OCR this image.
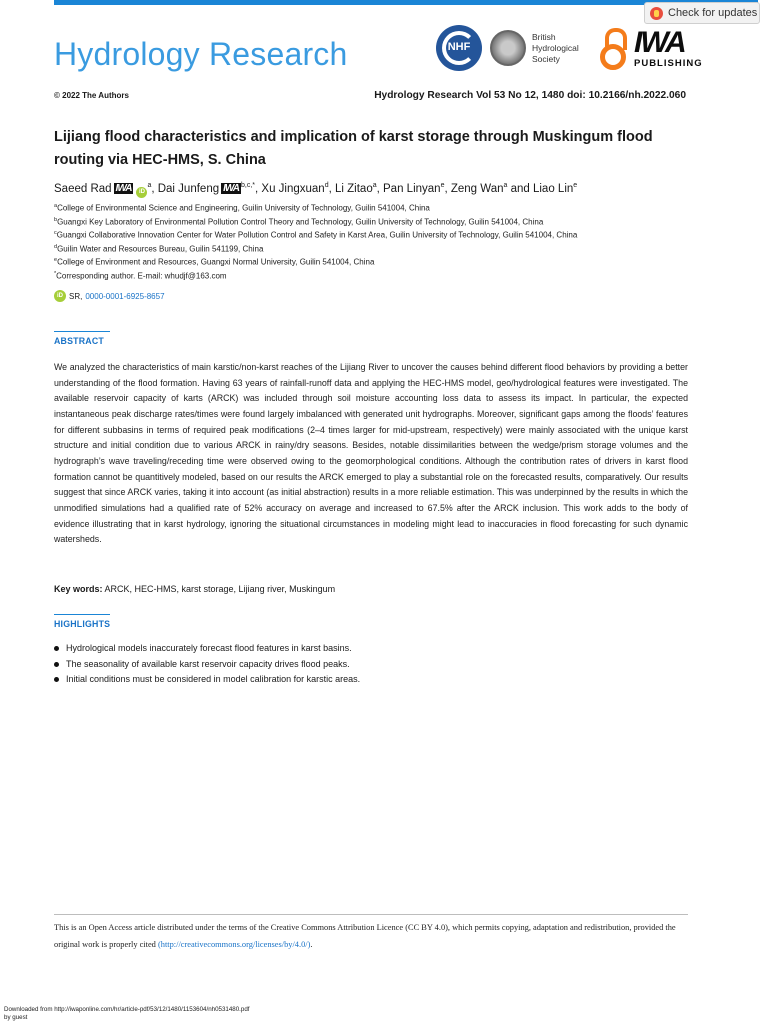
Hydrology Research	NHF
British Hydrological Society	IWA
PUBLISHING
Check for updates
© 2022 The Authors	Hydrology Research Vol 53 No 12, 1480 doi: 10.2166/nh.2022.060
Lijiang flood characteristics and implication of karst storage through Muskingum flood routing via HEC-HMS, S. China
Saeed Rad IWA $iD^a$, Dai Junfeng IWA $^{b,c,*}$, Xu Jingxuan$^d$, Li Zitao$^a$, Pan Linyan$^e$, Zeng Wan$^a$ and Liao Lin$^e$
$^a$College of Environmental Science and Engineering, Guilin University of Technology, Guilin 541004, China
$^b$Guangxi Key Laboratory of Environmental Pollution Control Theory and Technology, Guilin University of Technology, Guilin 541004, China
$^c$Guangxi Collaborative Innovation Center for Water Pollution Control and Safety in Karst Area, Guilin University of Technology, Guilin 541004, China
$^d$Guilin Water and Resources Bureau, Guilin 541199, China
$^e$College of Environment and Resources, Guangxi Normal University, Guilin 541004, China
*Corresponding author. E-mail: whudjf@163.com
iD SR, 0000-0001-6925-8657
ABSTRACT
We analyzed the characteristics of main karstic/non-karst reaches of the Lijiang River to uncover the causes behind different flood behaviors by providing a better understanding of the flood formation. Having 63 years of rainfall-runoff data and applying the HEC-HMS model, geo/hydrological features were investigated. The available reservoir capacity of karts (ARCK) was included through soil moisture accounting loss data to assess its impact. In particular, the expected instantaneous peak discharge rates/times were found largely imbalanced with generated unit hydrographs. Moreover, significant gaps among the floods’ features for different subbasins in terms of required peak modifications (2–4 times larger for mid-upstream, respectively) were mainly associated with the unique karst structure and initial condition due to various ARCK in rainy/dry seasons. Besides, notable dissimilarities between the wedge/prism storage volumes and the hydrograph’s wave traveling/receding time were observed owing to the geomorphological conditions. Although the contribution rates of drivers in karst flood formation cannot be quantitively modeled, based on our results the ARCK emerged to play a substantial role on the forecasted results, comparatively. Our results suggest that since ARCK varies, taking it into account (as initial abstraction) results in a more reliable estimation. This was underpinned by the results in which the unmodified simulations had a qualified rate of 52% accuracy on average and increased to 67.5% after the ARCK inclusion. This work adds to the body of evidence illustrating that in karst hydrology, ignoring the situational circumstances in modeling might lead to inaccuracies in flood forecasting for such dynamic watersheds.
Key words: ARCK, HEC-HMS, karst storage, Lijiang river, Muskingum
HIGHLIGHTS
Hydrological models inaccurately forecast flood features in karst basins.
The seasonality of available karst reservoir capacity drives flood peaks.
Initial conditions must be considered in model calibration for karstic areas.
This is an Open Access article distributed under the terms of the Creative Commons Attribution Licence (CC BY 4.0), which permits copying, adaptation and redistribution, provided the original work is properly cited (http://creativecommons.org/licenses/by/4.0/).
Downloaded from http://iwaponline.com/hr/article-pdf/53/12/1480/1153604/nh0531480.pdf
by guest
